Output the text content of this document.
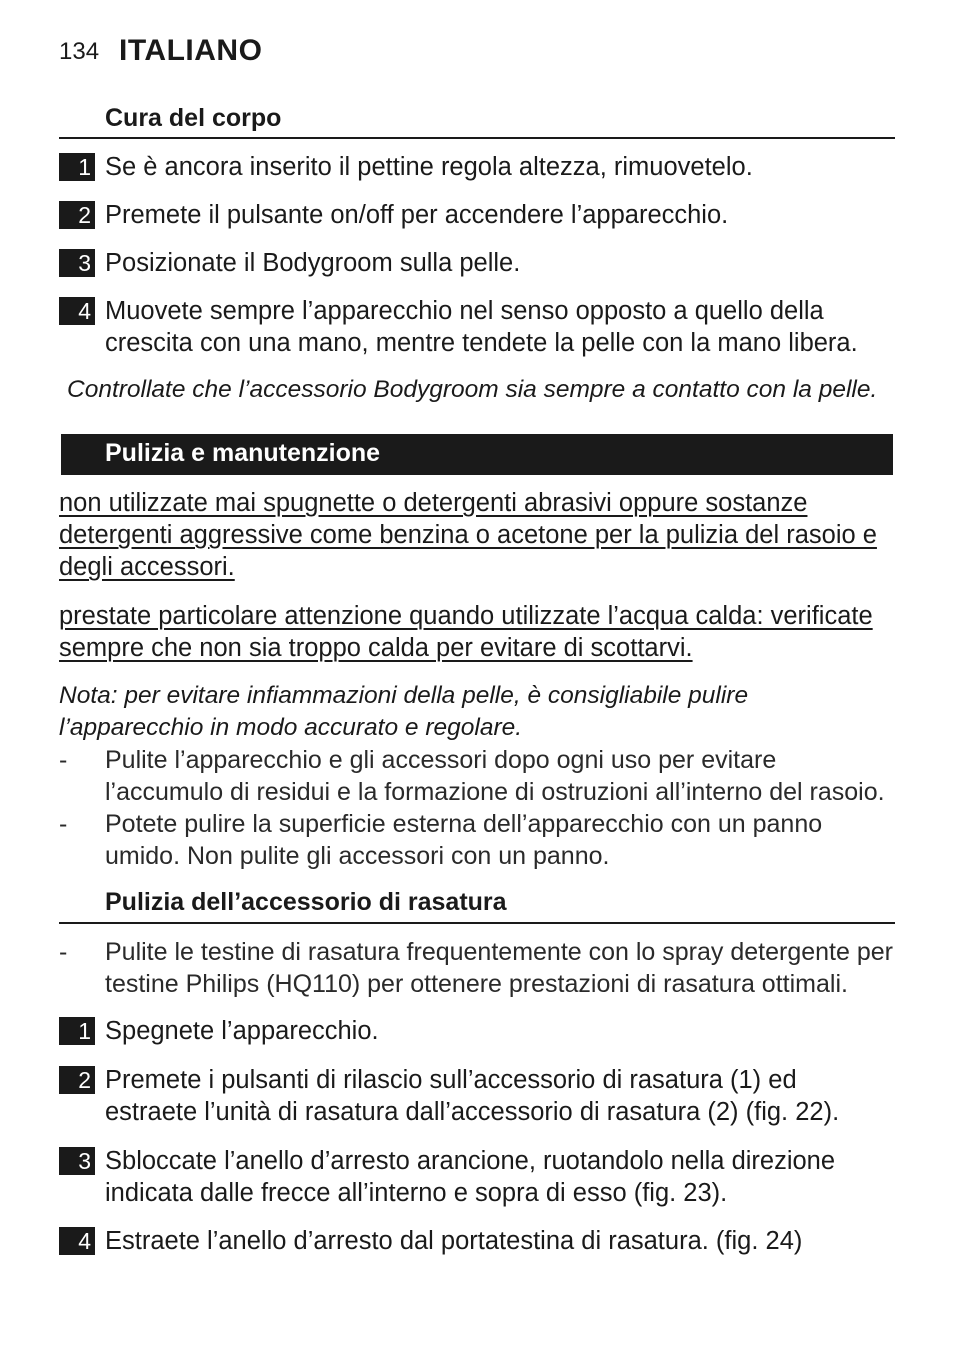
134 ITALIANO
Cura del corpo
1 Se è ancora inserito il pettine regola altezza, rimuovetelo.
2 Premete il pulsante on/off per accendere l’apparecchio.
3 Posizionate il Bodygroom sulla pelle.
4 Muovete sempre l’apparecchio nel senso opposto a quello della crescita con una mano, mentre tendete la pelle con la mano libera.
Controllate che l’accessorio Bodygroom sia sempre a contatto con la pelle.
Pulizia e manutenzione
non utilizzate mai spugnette o detergenti abrasivi oppure sostanze detergenti aggressive come benzina o acetone per la pulizia del rasoio e degli accessori.
prestate particolare attenzione quando utilizzate l’acqua calda: verificate sempre che non sia troppo calda per evitare di scottarvi.
Nota: per evitare infiammazioni della pelle, è consigliabile pulire l’apparecchio in modo accurato e regolare.
-	Pulite l’apparecchio e gli accessori dopo ogni uso per evitare l’accumulo di residui e la formazione di ostruzioni all’interno del rasoio.
-	Potete pulire la superficie esterna dell’apparecchio con un panno umido. Non pulite gli accessori con un panno.
Pulizia dell’accessorio di rasatura
-	Pulite le testine di rasatura frequentemente con lo spray detergente per testine Philips (HQ110) per ottenere prestazioni di rasatura ottimali.
1 Spegnete l’apparecchio.
2 Premete i pulsanti di rilascio sull’accessorio di rasatura (1) ed estraete l’unità di rasatura dall’accessorio di rasatura (2) (fig. 22).
3 Sbloccate l’anello d’arresto arancione, ruotandolo nella direzione indicata dalle frecce all’interno e sopra di esso (fig. 23).
4 Estraete l’anello d’arresto dal portatestina di rasatura. (fig. 24)
